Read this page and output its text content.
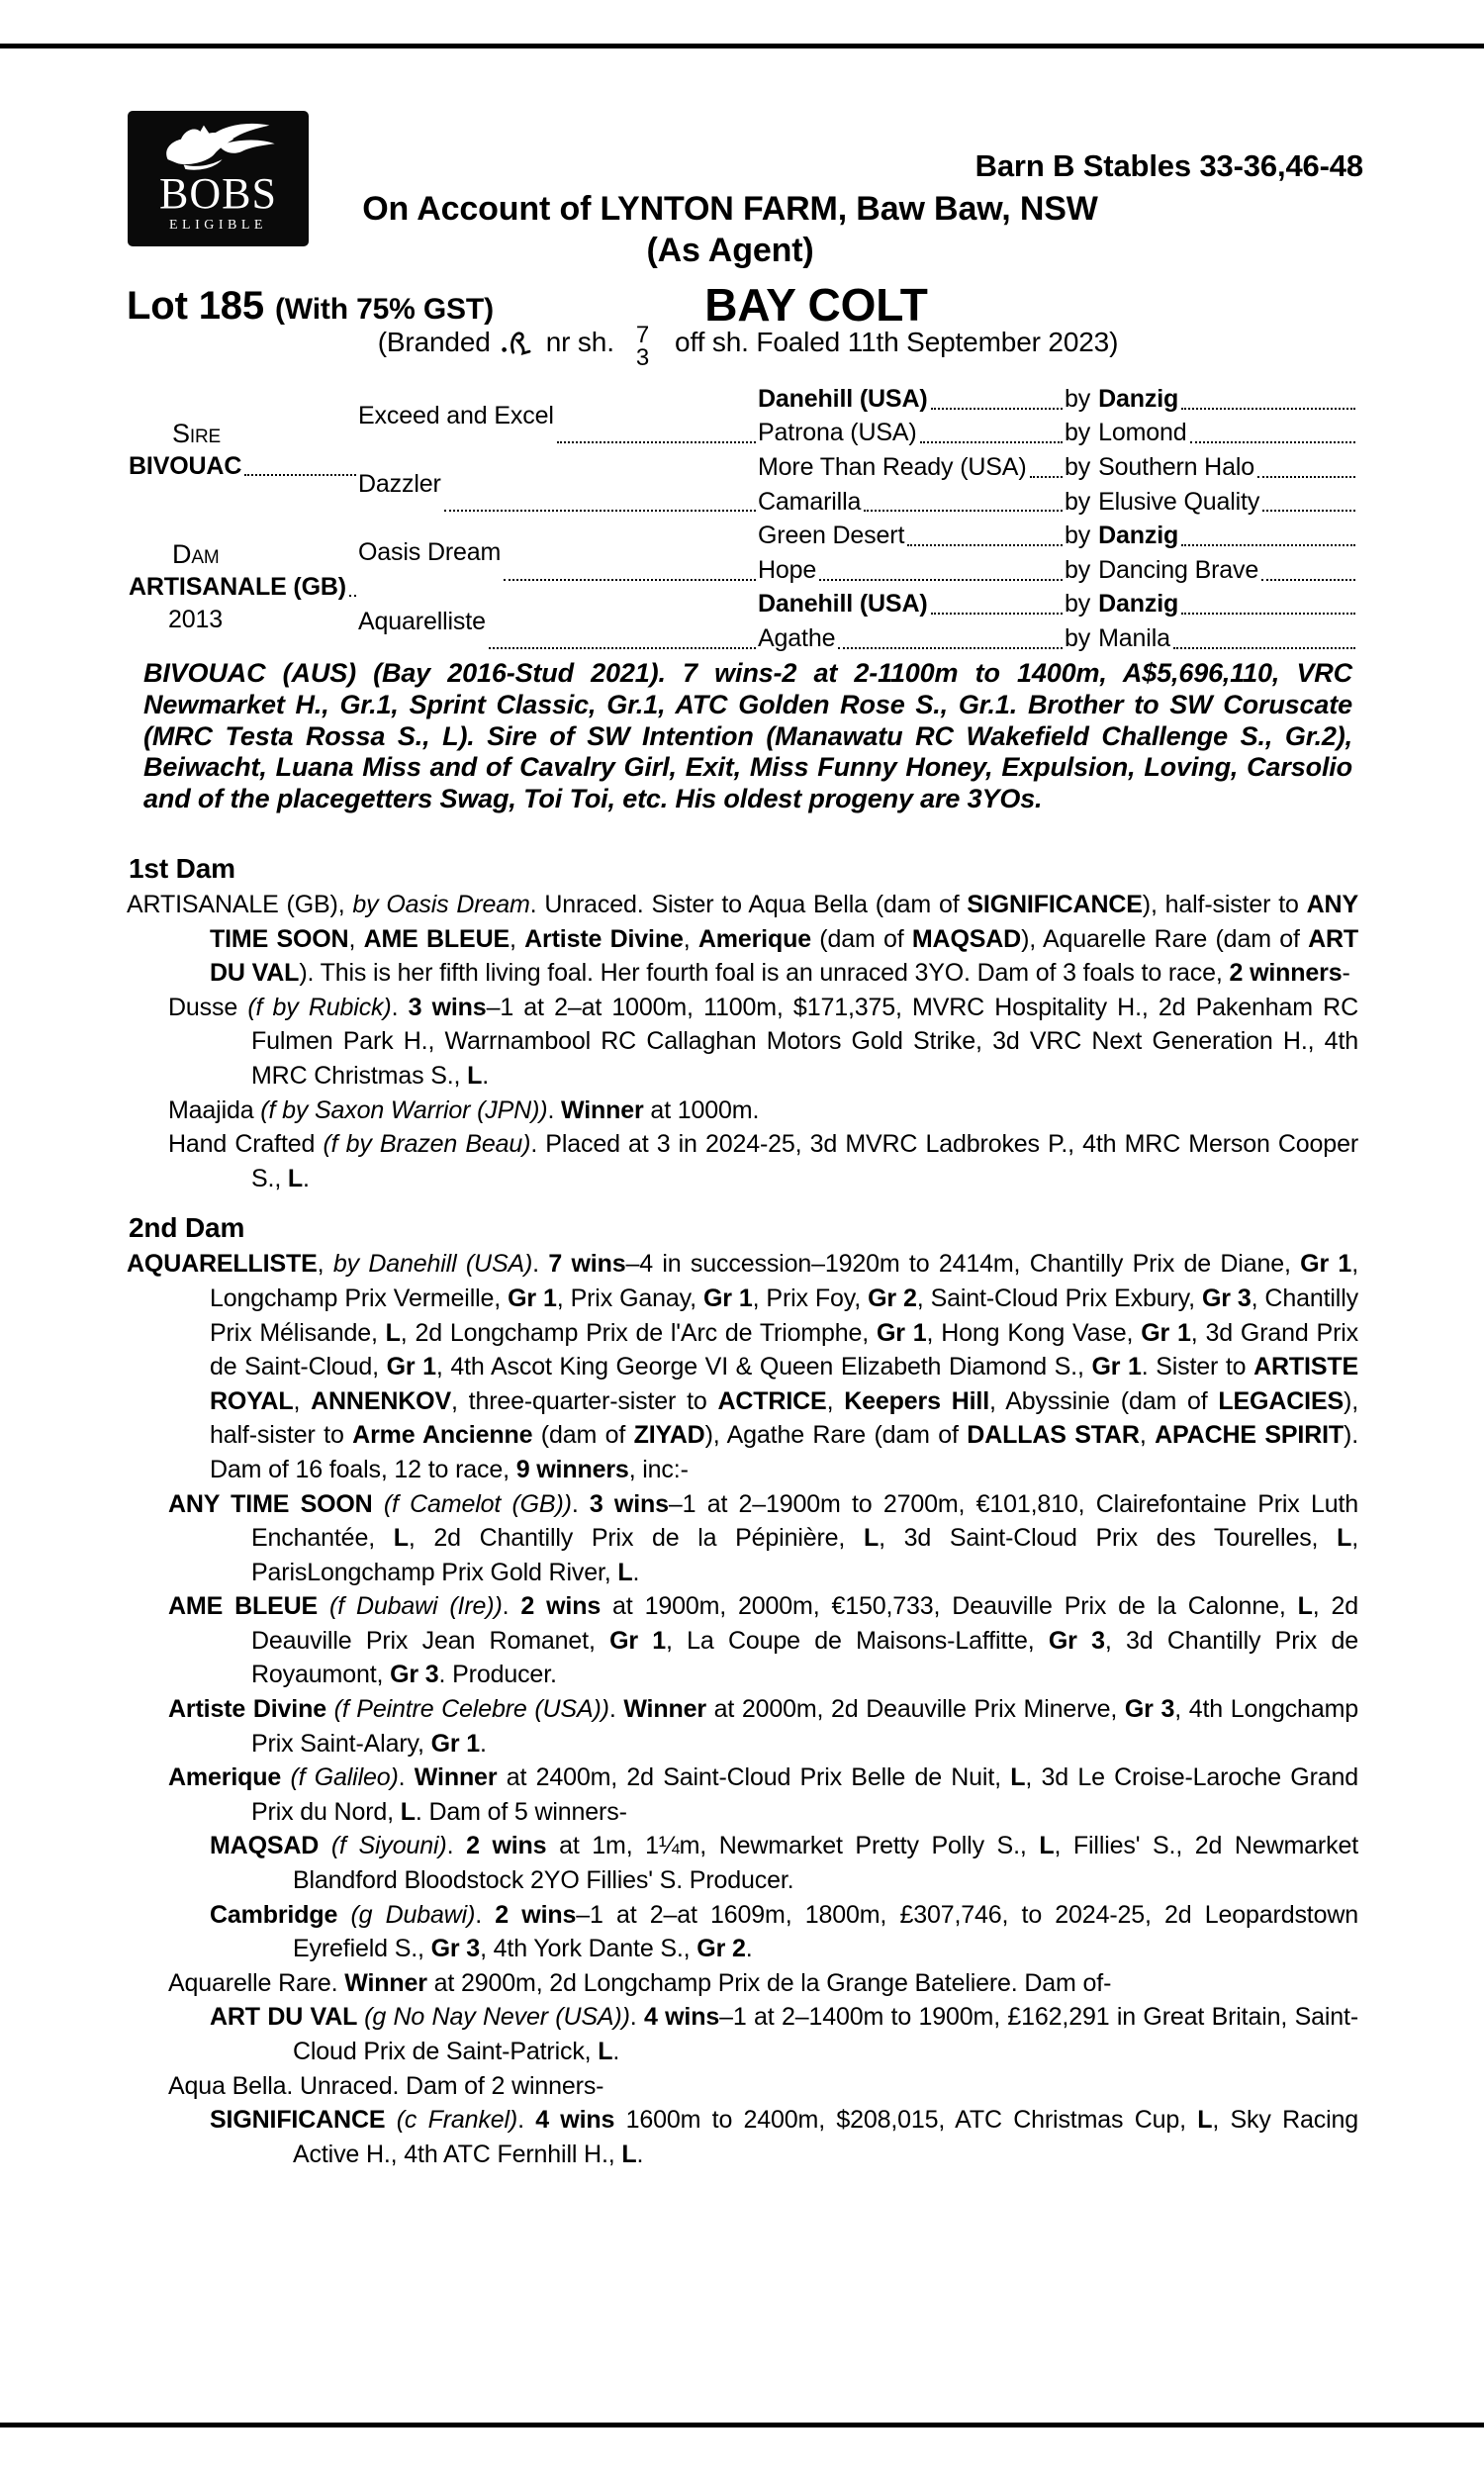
BOBS
ELIGIBLE
Barn B Stables 33-36,46-48
On Account of LYNTON FARM, Baw Baw, NSW
(As Agent)
Lot 185 (With 75% GST)	BAY COLT
(Branded nr sh. 7
3
off sh. Foaled 11th September 2023)
Sire
BIVOUAC
Dam
ARTISANALE (GB)
2013
Exceed and Excel
Dazzler
Oasis Dream
Aquarelliste
Danehill (USA)	by Danzig
Patrona (USA)	by Lomond
More Than Ready (USA) by Southern Halo
Camarilla	by Elusive Quality
Green Desert	by Danzig
Hope	by Dancing Brave
Danehill (USA)	by Danzig
Agathe	by Manila

BIVOUAC (AUS) (Bay 2016-Stud 2021). 7 wins-2 at 2-1100m to 1400m, A$5,696,110, VRC Newmarket H., Gr.1, Sprint Classic, Gr.1, ATC Golden Rose S., Gr.1. Brother to SW Coruscate (MRC Testa Rossa S., L). Sire of SW Intention (Manawatu RC Wakefield Challenge S., Gr.2), Beiwacht, Luana Miss and of Cavalry Girl, Exit, Miss Funny Honey, Expulsion, Loving, Carsolio and of the placegetters Swag, Toi Toi, etc. His oldest progeny are 3YOs.

1st Dam

ARTISANALE (GB), by Oasis Dream. Unraced. Sister to Aqua Bella (dam of SIGNIFICANCE), half-sister to ANY TIME SOON, AME BLEUE, Artiste Divine, Amerique (dam of MAQSAD), Aquarelle Rare (dam of ART DU VAL). This is her fifth living foal. Her fourth foal is an unraced 3YO. Dam of 3 foals to race, 2 winners-

Dusse (f by Rubick). 3 wins–1 at 2–at 1000m, 1100m, $171,375, MVRC Hospitality H., 2d Pakenham RC Fulmen Park H., Warrnambool RC Callaghan Motors Gold Strike, 3d VRC Next Generation H., 4th MRC Christmas S., L.

Maajida (f by Saxon Warrior (JPN)). Winner at 1000m.

Hand Crafted (f by Brazen Beau). Placed at 3 in 2024-25, 3d MVRC Ladbrokes P., 4th MRC Merson Cooper S., L.

2nd Dam

AQUARELLISTE, by Danehill (USA). 7 wins–4 in succession–1920m to 2414m, Chantilly Prix de Diane, Gr 1, Longchamp Prix Vermeille, Gr 1, Prix Ganay, Gr 1, Prix Foy, Gr 2, Saint-Cloud Prix Exbury, Gr 3, Chantilly Prix Mélisande, L, 2d Longchamp Prix de l'Arc de Triomphe, Gr 1, Hong Kong Vase, Gr 1, 3d Grand Prix de Saint-Cloud, Gr 1, 4th Ascot King George VI & Queen Elizabeth Diamond S., Gr 1. Sister to ARTISTE ROYAL, ANNENKOV, three-quarter-sister to ACTRICE, Keepers Hill, Abyssinie (dam of LEGACIES), half-sister to Arme Ancienne (dam of ZIYAD), Agathe Rare (dam of DALLAS STAR, APACHE SPIRIT). Dam of 16 foals, 12 to race, 9 winners, inc:-

ANY TIME SOON (f Camelot (GB)). 3 wins–1 at 2–1900m to 2700m, €101,810, Clairefontaine Prix Luth Enchantée, L, 2d Chantilly Prix de la Pépinière, L, 3d Saint-Cloud Prix des Tourelles, L, ParisLongchamp Prix Gold River, L.

AME BLEUE (f Dubawi (Ire)). 2 wins at 1900m, 2000m, €150,733, Deauville Prix de la Calonne, L, 2d Deauville Prix Jean Romanet, Gr 1, La Coupe de Maisons-Laffitte, Gr 3, 3d Chantilly Prix de Royaumont, Gr 3. Producer.

Artiste Divine (f Peintre Celebre (USA)). Winner at 2000m, 2d Deauville Prix Minerve, Gr 3, 4th Longchamp Prix Saint-Alary, Gr 1.

Amerique (f Galileo). Winner at 2400m, 2d Saint-Cloud Prix Belle de Nuit, L, 3d Le Croise-Laroche Grand Prix du Nord, L. Dam of 5 winners-

MAQSAD (f Siyouni). 2 wins at 1m, 1¼m, Newmarket Pretty Polly S., L, Fillies' S., 2d Newmarket Blandford Bloodstock 2YO Fillies' S. Producer.

Cambridge (g Dubawi). 2 wins–1 at 2–at 1609m, 1800m, £307,746, to 2024-25, 2d Leopardstown Eyrefield S., Gr 3, 4th York Dante S., Gr 2.

Aquarelle Rare. Winner at 2900m, 2d Longchamp Prix de la Grange Bateliere. Dam of-

ART DU VAL (g No Nay Never (USA)). 4 wins–1 at 2–1400m to 1900m, £162,291 in Great Britain, Saint-Cloud Prix de Saint-Patrick, L.

Aqua Bella. Unraced. Dam of 2 winners-

SIGNIFICANCE (c Frankel). 4 wins 1600m to 2400m, $208,015, ATC Christmas Cup, L, Sky Racing Active H., 4th ATC Fernhill H., L.
